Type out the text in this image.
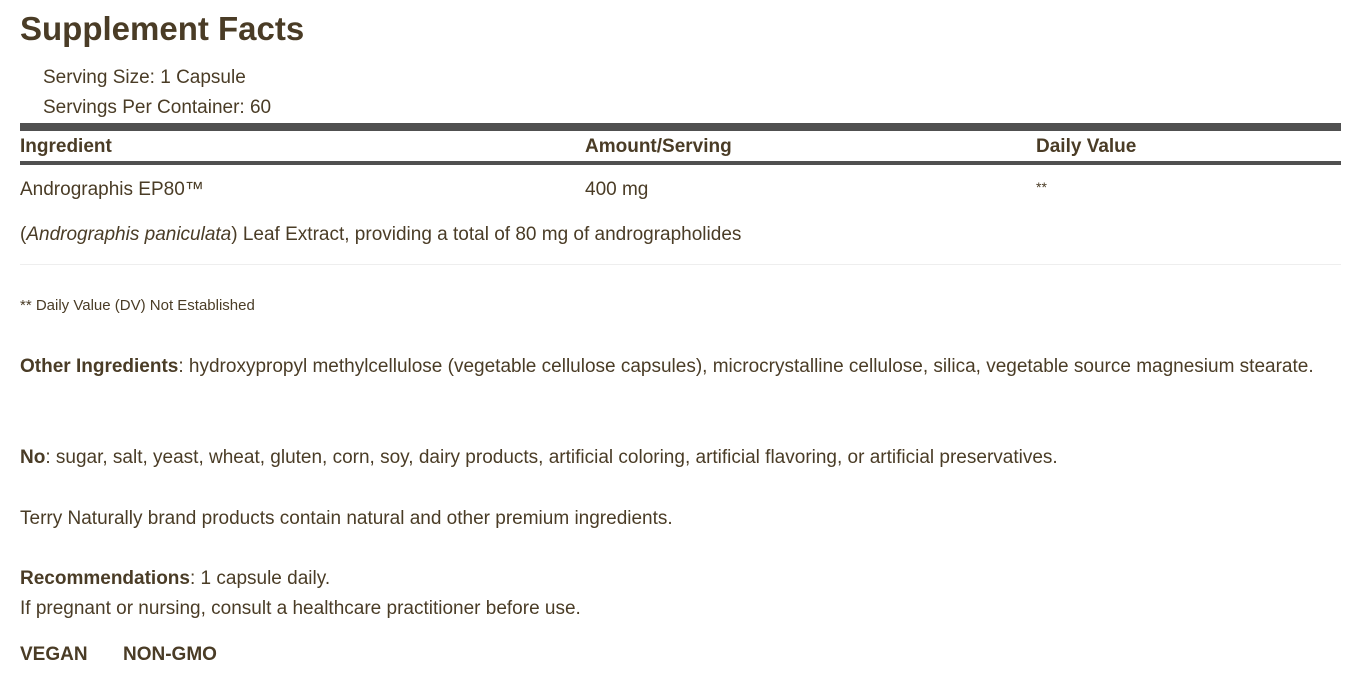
Supplement Facts
Serving Size: 1 Capsule
Servings Per Container: 60
Ingredient	Amount/Serving	Daily Value
Andrographis EP80™	400 mg	**
(Andrographis paniculata) Leaf Extract, providing a total of 80 mg of andrographolides
** Daily Value (DV) Not Established
Other Ingredients: hydroxypropyl methylcellulose (vegetable cellulose capsules), microcrystalline cellulose, silica, vegetable source magnesium stearate.
No: sugar, salt, yeast, wheat, gluten, corn, soy, dairy products, artificial coloring, artificial flavoring, or artificial preservatives.
Terry Naturally brand products contain natural and other premium ingredients.
Recommendations: 1 capsule daily.
If pregnant or nursing, consult a healthcare practitioner before use.
VEGAN NON-GMO
